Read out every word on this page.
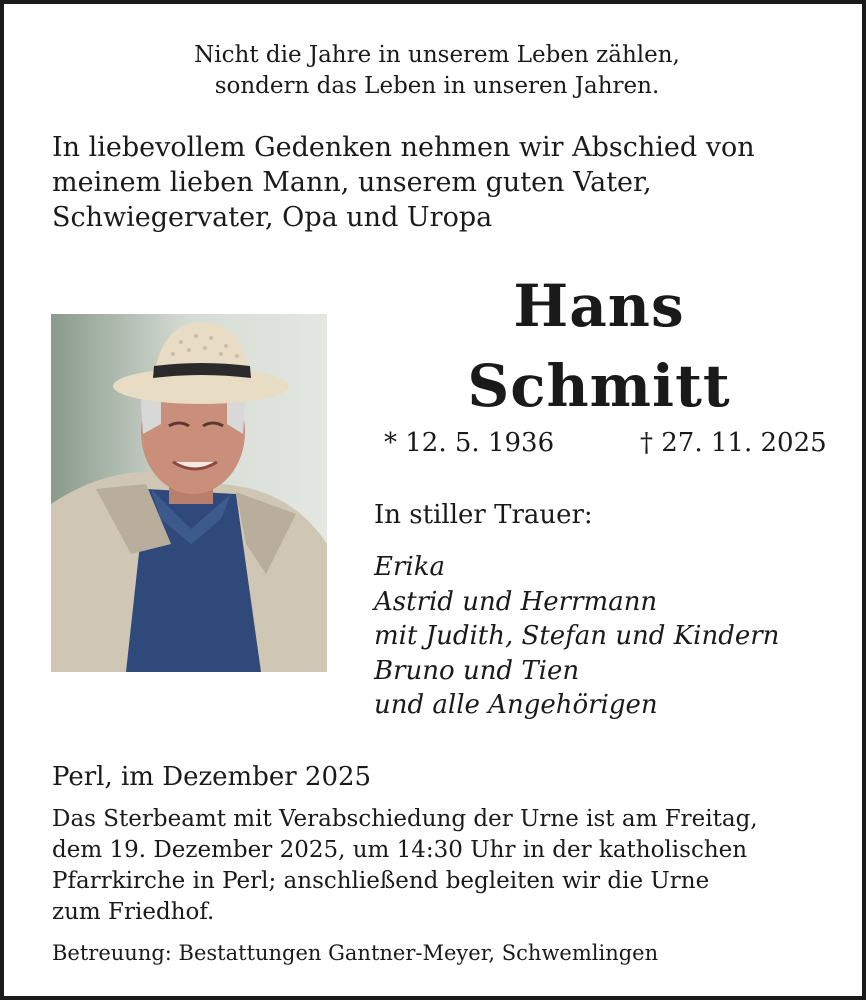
Nicht die Jahre in unserem Leben zählen,
sondern das Leben in unseren Jahren.
In liebevollem Gedenken nehmen wir Abschied von
meinem lieben Mann, unserem guten Vater,
Schwiegervater, Opa und Uropa
Hans
Schmitt
* 12. 5. 1936	† 27. 11. 2025
In stiller Trauer:
Erika
Astrid und Herrmann
mit Judith, Stefan und Kindern
Bruno und Tien
und alle Angehörigen
Perl, im Dezember 2025
Das Sterbeamt mit Verabschiedung der Urne ist am Freitag,
dem 19. Dezember 2025, um 14:30 Uhr in der katholischen
Pfarrkirche in Perl; anschließend begleiten wir die Urne
zum Friedhof.
Betreuung: Bestattungen Gantner-Meyer, Schwemlingen
